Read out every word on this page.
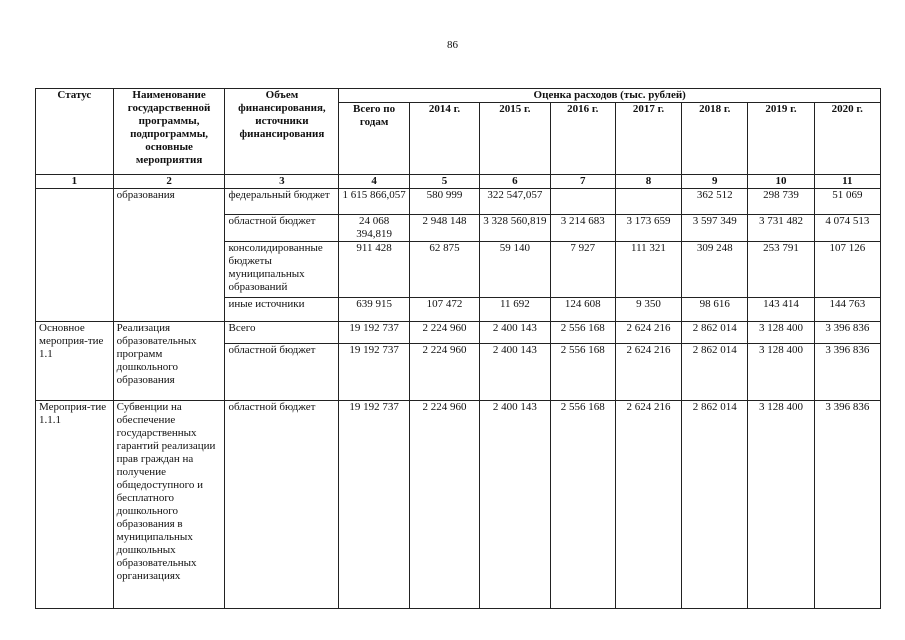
86
Статус	Наименование государственной программы, подпрограммы, основные мероприятия	Объем финансирования, источники финансирования	Оценка расходов (тыс. рублей)							
			Всего по годам	2014 г.	2015 г.	2016 г.	2017 г.	2018 г.	2019 г.	2020 г.
1	2	3	4	5	6	7	8	9	10	11
	образования	федеральный бюджет	1 615 866,057	580 999	322 547,057			362 512	298 739	51 069
		областной бюджет	24 068 394,819	2 948 148	3 328 560,819	3 214 683	3 173 659	3 597 349	3 731 482	4 074 513
		консолидированные бюджеты муниципальных образований	911 428	62 875	59 140	7 927	111 321	309 248	253 791	107 126
		иные источники	639 915	107 472	11 692	124 608	9 350	98 616	143 414	144 763
Основное мероприя-тие 1.1	Реализация образовательных программ дошкольного образования	Всего	19 192 737	2 224 960	2 400 143	2 556 168	2 624 216	2 862 014	3 128 400	3 396 836
		областной бюджет	19 192 737	2 224 960	2 400 143	2 556 168	2 624 216	2 862 014	3 128 400	3 396 836
Мероприя-тие 1.1.1	Субвенции на обеспечение государственных гарантий реализации прав граждан на получение общедоступного и бесплатного дошкольного образования в муниципальных дошкольных образовательных организациях	областной бюджет	19 192 737	2 224 960	2 400 143	2 556 168	2 624 216	2 862 014	3 128 400	3 396 836
